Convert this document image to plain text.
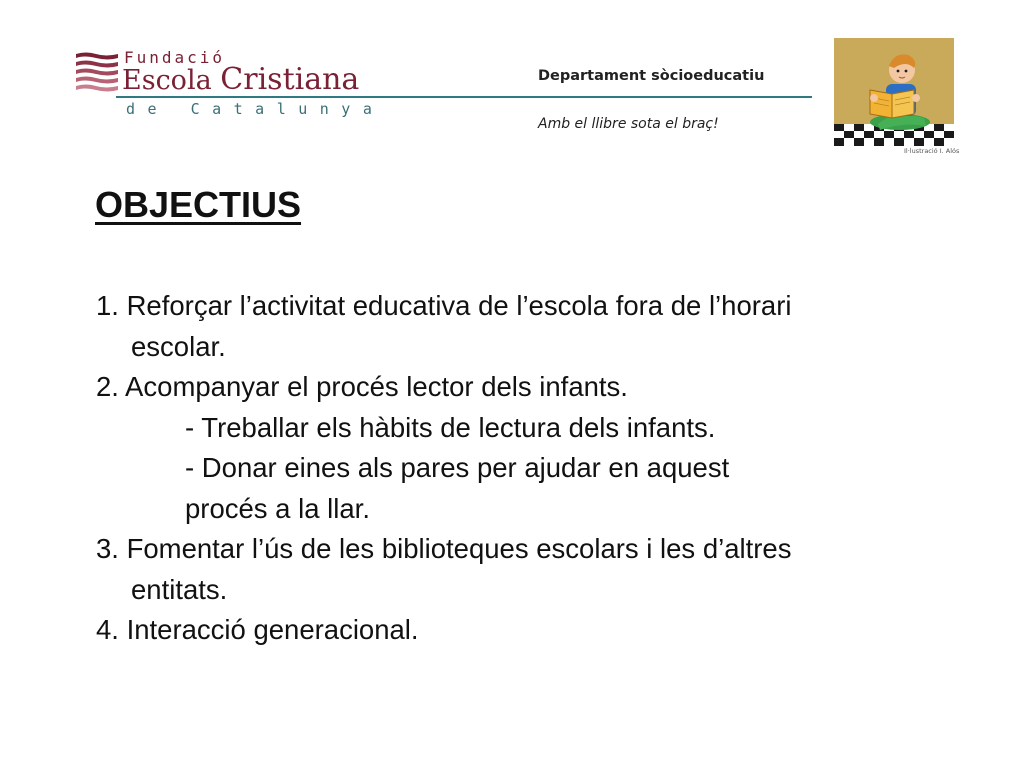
Fundació
Escola Cristiana
de Catalunya
Departament sòcioeducatiu
Amb el llibre sota el braç!
Il·lustració I. Alós
OBJECTIUS
1. Reforçar l’activitat educativa de l’escola fora de l’horari
escolar.
2. Acompanyar el procés lector dels infants.
- Treballar els hàbits de lectura dels infants.
- Donar eines als pares per ajudar en aquest
procés a la llar.
3. Fomentar l’ús de les biblioteques escolars i les d’altres
entitats.
4. Interacció generacional.
